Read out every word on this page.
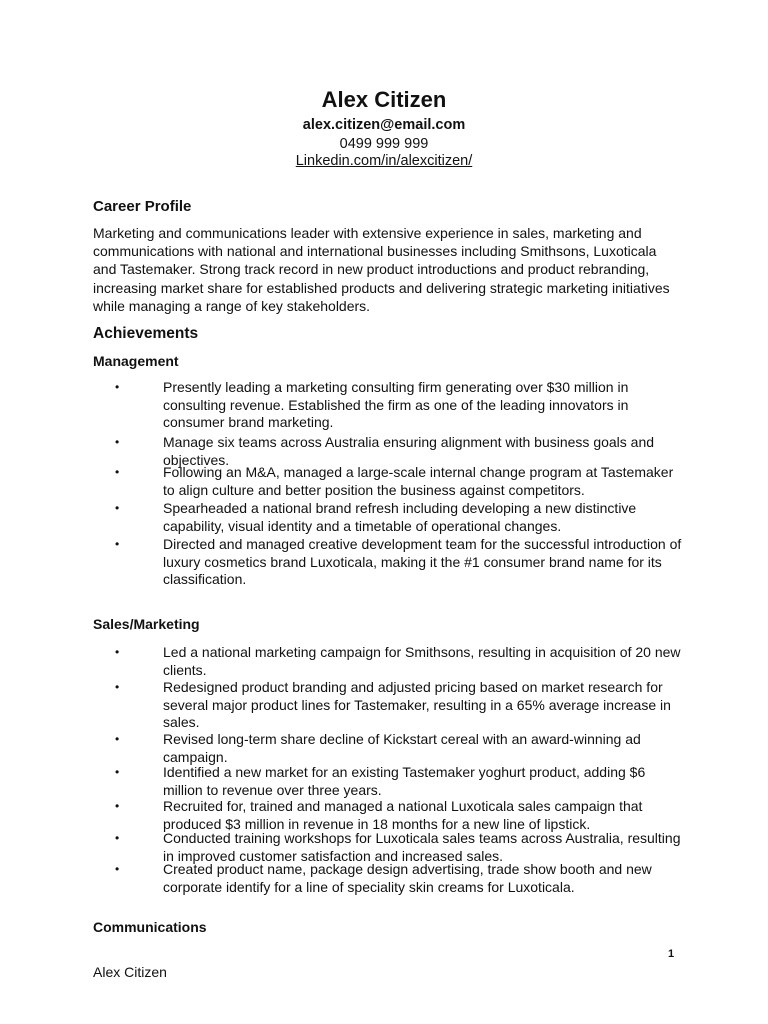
Alex Citizen
alex.citizen@email.com
0499 999 999
Linkedin.com/in/alexcitizen/
Career Profile

Marketing and communications leader with extensive experience in sales, marketing and communications with national and international businesses including Smithsons, Luxoticala and Tastemaker. Strong track record in new product introductions and product rebranding, increasing market share for established products and delivering strategic marketing initiatives while managing a range of key stakeholders.

Achievements
Management
•	Presently leading a marketing consulting firm generating over $30 million in consulting revenue. Established the firm as one of the leading innovators in consumer brand marketing.
•	Manage six teams across Australia ensuring alignment with business goals and objectives.
•	Following an M&A, managed a large-scale internal change program at Tastemaker to align culture and better position the business against competitors.
•	Spearheaded a national brand refresh including developing a new distinctive capability, visual identity and a timetable of operational changes.
•	Directed and managed creative development team for the successful introduction of luxury cosmetics brand Luxoticala, making it the #1 consumer brand name for its classification.
Sales/Marketing
•	Led a national marketing campaign for Smithsons, resulting in acquisition of 20 new clients.
•	Redesigned product branding and adjusted pricing based on market research for several major product lines for Tastemaker, resulting in a 65% average increase in sales.
•	Revised long-term share decline of Kickstart cereal with an award-winning ad campaign.
•	Identified a new market for an existing Tastemaker yoghurt product, adding $6 million to revenue over three years.
•	Recruited for, trained and managed a national Luxoticala sales campaign that produced $3 million in revenue in 18 months for a new line of lipstick.
•	Conducted training workshops for Luxoticala sales teams across Australia, resulting in improved customer satisfaction and increased sales.
•	Created product name, package design advertising, trade show booth and new corporate identify for a line of speciality skin creams for Luxoticala.
Communications
1
Alex Citizen
